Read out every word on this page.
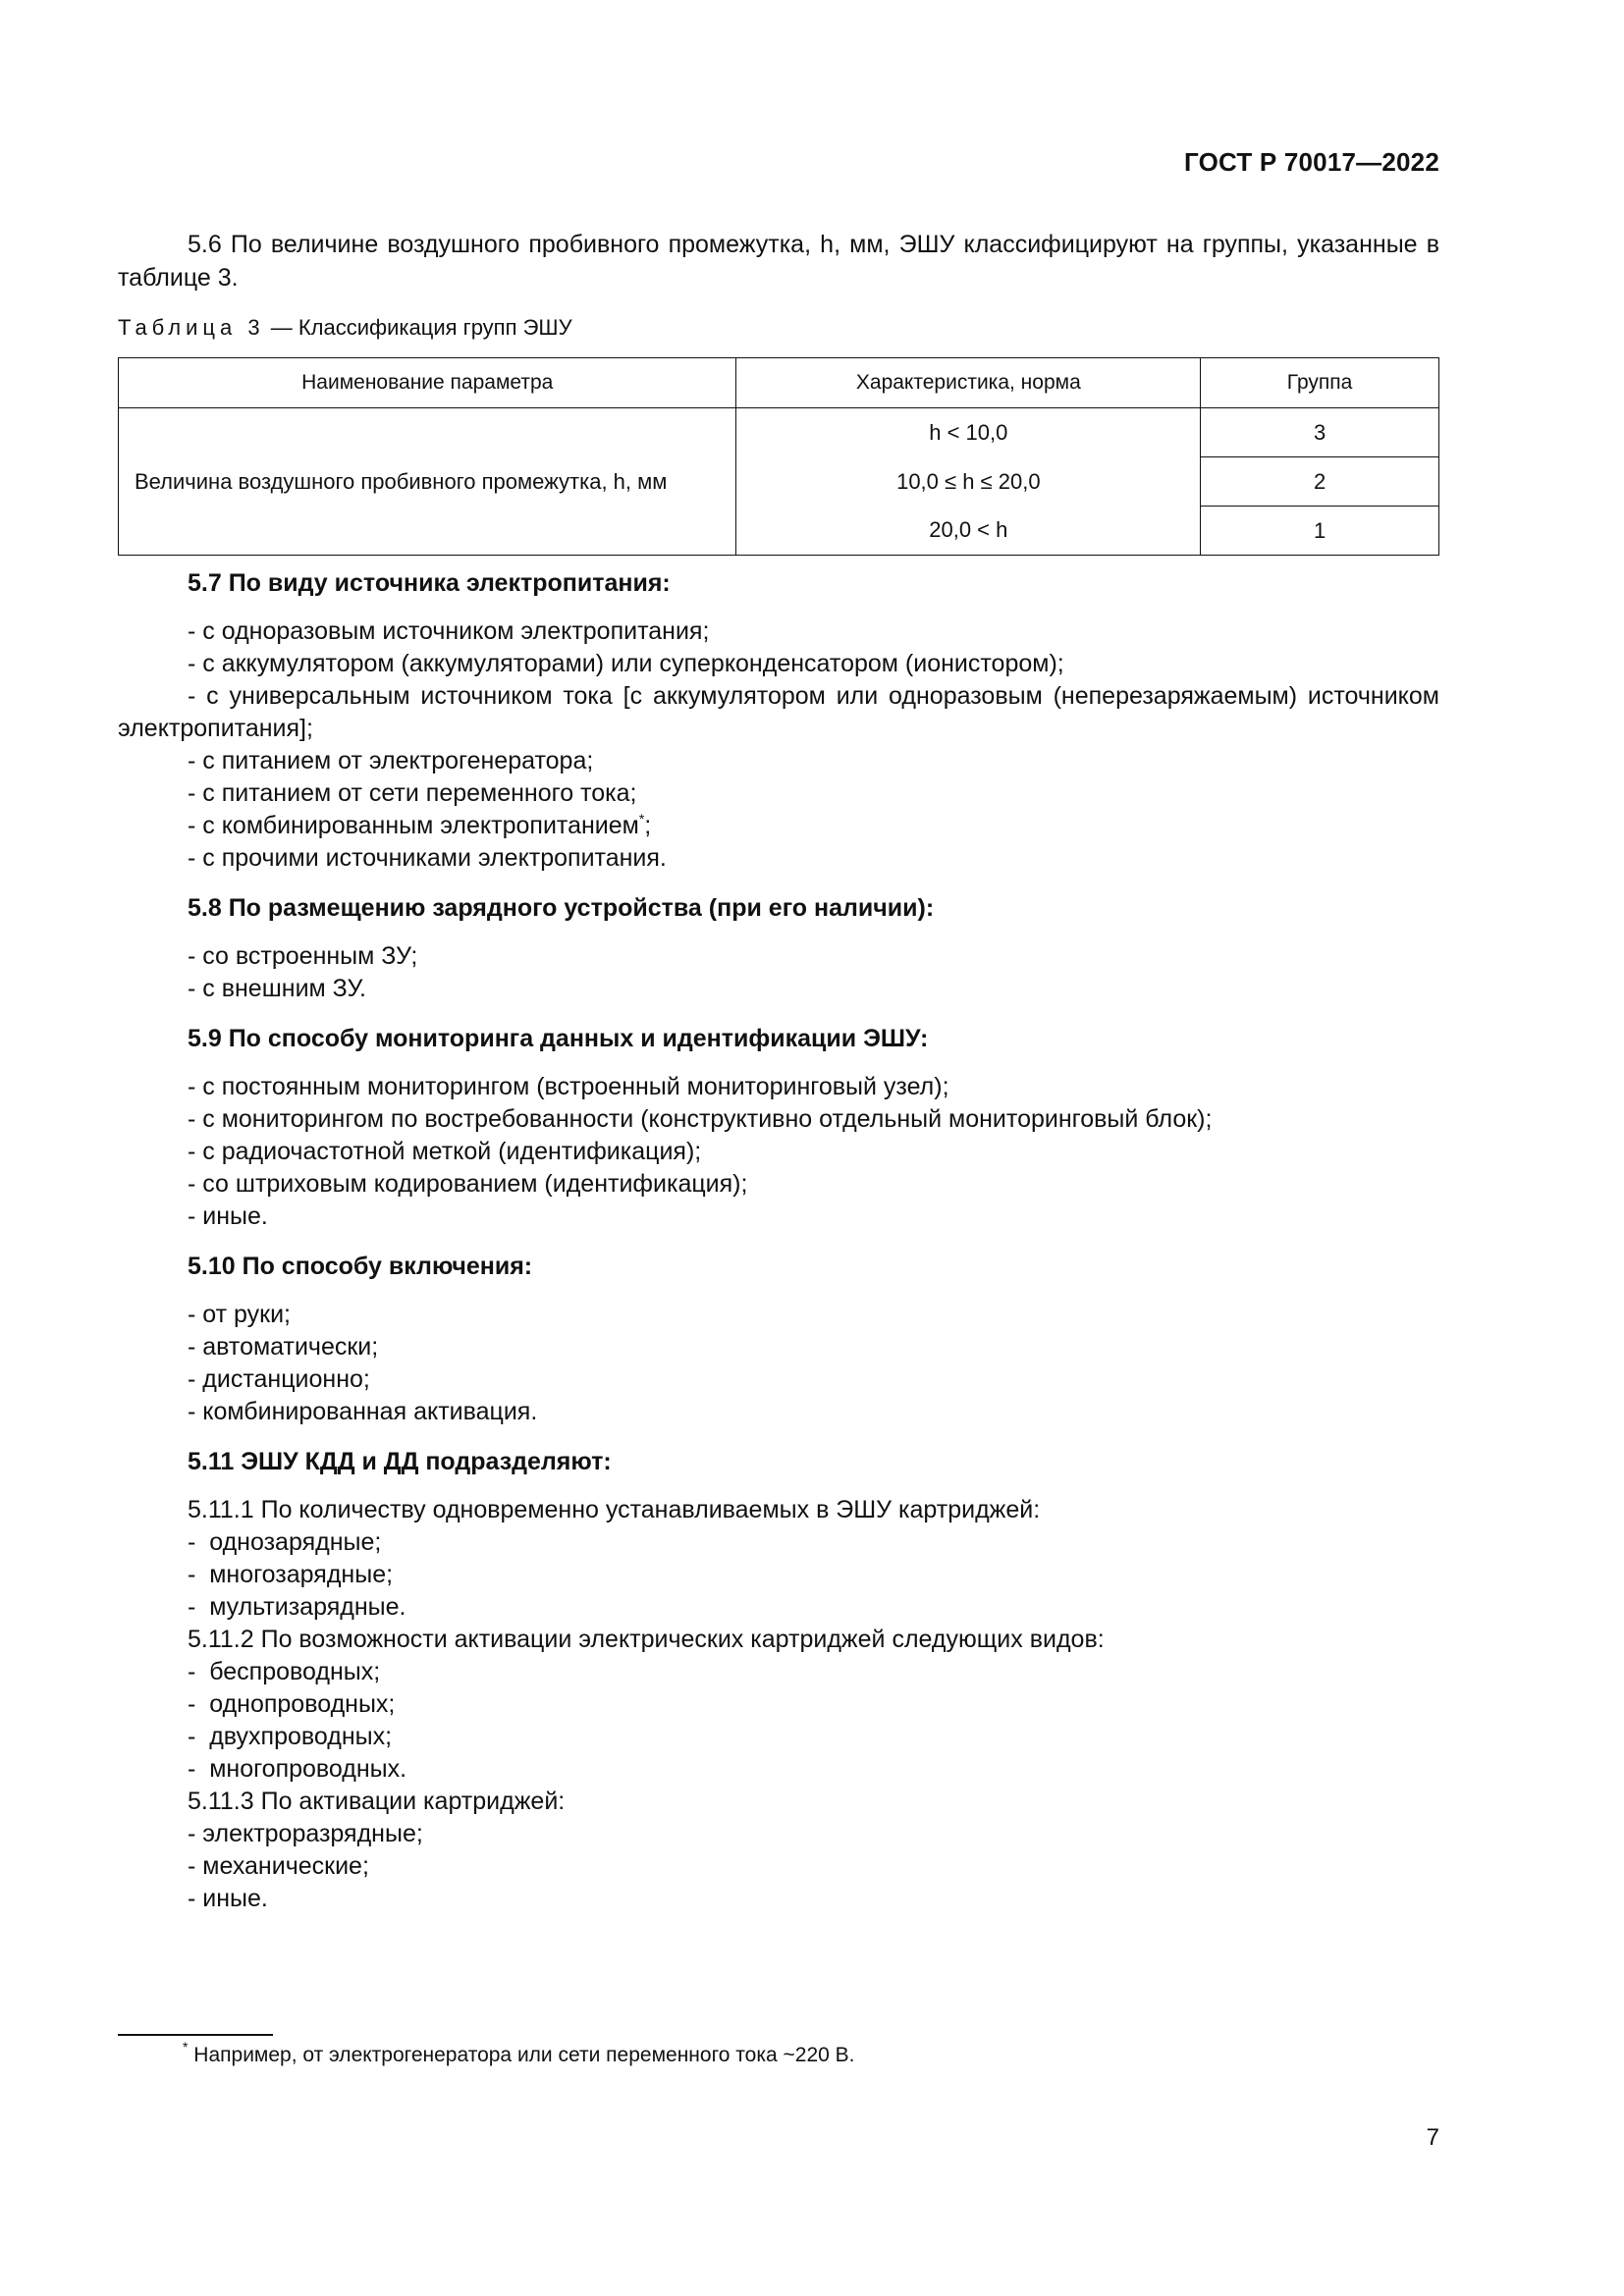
ГОСТ Р 70017—2022

5.6 По величине воздушного пробивного промежутка, h, мм, ЭШУ классифицируют на группы, указанные в таблице 3.

Таблица 3 — Классификация групп ЭШУ
Наименование параметра	Характеристика, норма	Группа
Величина воздушного пробивного промежутка, h, мм	h < 10,0	3
	10,0 ≤ h ≤ 20,0	2
	20,0 < h	1
5.7 По виду источника электропитания:
- с одноразовым источником электропитания;
- с аккумулятором (аккумуляторами) или суперконденсатором (ионистором);
- с универсальным источником тока [с аккумулятором или одноразовым (неперезаряжаемым) источником электропитания];
- с питанием от электрогенератора;
- с питанием от сети переменного тока;
- с комбинированным электропитанием*;
- с прочими источниками электропитания.
5.8 По размещению зарядного устройства (при его наличии):
- со встроенным ЗУ;
- с внешним ЗУ.
5.9 По способу мониторинга данных и идентификации ЭШУ:
- с постоянным мониторингом (встроенный мониторинговый узел);
- с мониторингом по востребованности (конструктивно отдельный мониторинговый блок);
- с радиочастотной меткой (идентификация);
- со штриховым кодированием (идентификация);
- иные.
5.10 По способу включения:
- от руки;
- автоматически;
- дистанционно;
- комбинированная активация.
5.11 ЭШУ КДД и ДД подразделяют:
5.11.1 По количеству одновременно устанавливаемых в ЭШУ картриджей:
-  однозарядные;
-  многозарядные;
-  мультизарядные.
5.11.2 По возможности активации электрических картриджей следующих видов:
-  беспроводных;
-  однопроводных;
-  двухпроводных;
-  многопроводных.
5.11.3 По активации картриджей:
- электроразрядные;
- механические;
- иные.
* Например, от электрогенератора или сети переменного тока ~220 В.
7
